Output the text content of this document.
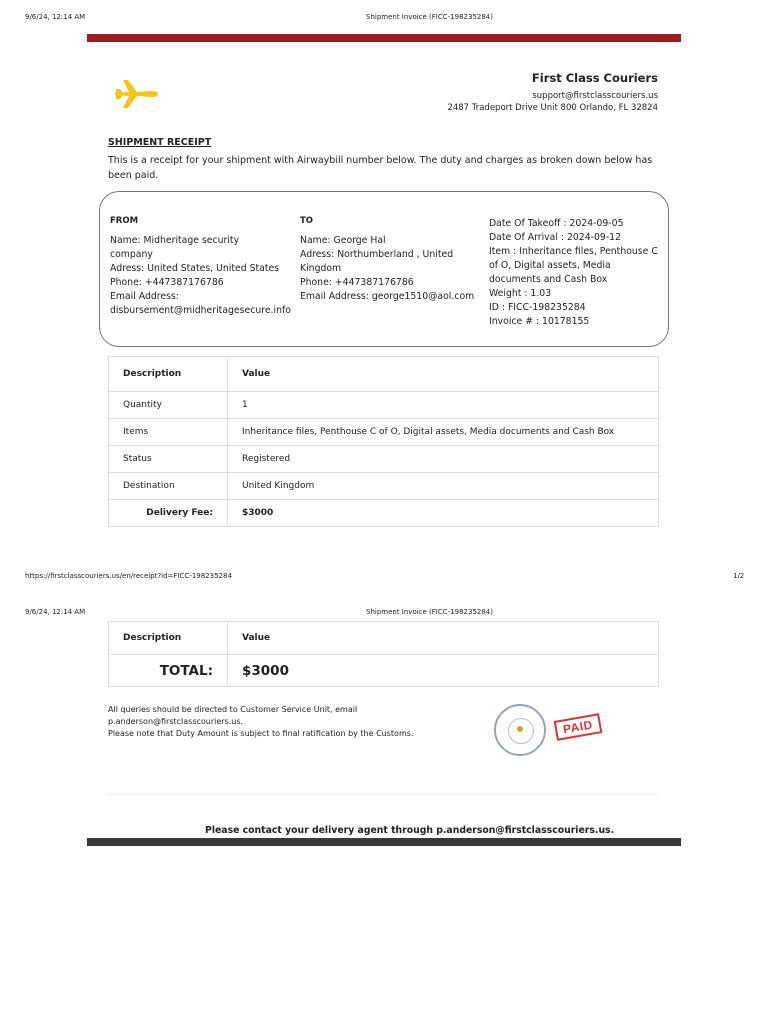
9/6/24, 12:14 AM	Shipment Invoice (FICC-198235284)
First Class Couriers
support@firstclasscouriers.us
2487 Tradeport Drive Unit 800 Orlando, FL 32824
SHIPMENT RECEIPT
This is a receipt for your shipment with Airwaybill number below. The duty and charges as broken down below has
been paid.
FROM
Name: Midheritage security
company
Adress: United States, United States
Phone: +447387176786
Email Address:
disbursement@midheritagesecure.info
TO
Name: George Hal
Adress: Northumberland , United
Kingdom
Phone: +447387176786
Email Address: george1510@aol.com
Date Of Takeoff : 2024-09-05
Date Of Arrival : 2024-09-12
Item : Inheritance files, Penthouse C
of O, Digital assets, Media
documents and Cash Box
Weight : 1.03
ID : FICC-198235284
Invoice # : 10178155
Description	Value
Quantity	1
Items	Inheritance files, Penthouse C of O, Digital assets, Media documents and Cash Box
Status	Registered
Destination	United Kingdom
Delivery Fee:	$3000
https://firstclasscouriers.us/en/receipt?id=FICC-198235284	1/2
9/6/24, 12:14 AM	Shipment Invoice (FICC-198235284)
Description	Value
TOTAL:	$3000
All queries should be directed to Customer Service Unit, email
p.anderson@firstclasscouriers.us.
Please note that Duty Amount is subject to final ratification by the Customs.	PAID
Please contact your delivery agent through p.anderson@firstclasscouriers.us.
